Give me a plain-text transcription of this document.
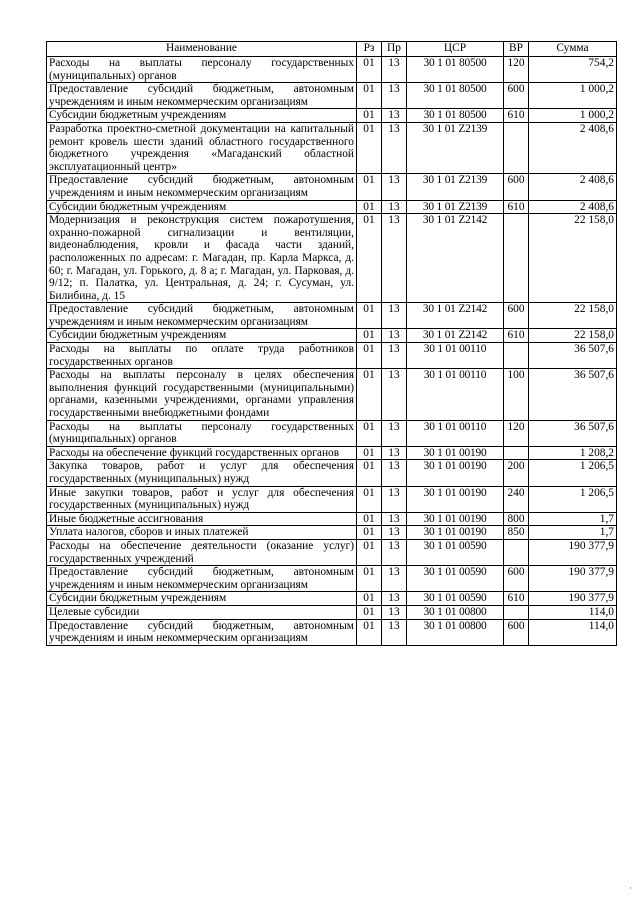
Наименование	Рз	Пр	ЦСР	ВР	Сумма
Расходы на выплаты персоналу государственных (муниципальных) органов	01	13	30 1 01 80500	120	754,2
Предоставление субсидий бюджетным, автономным учреждениям и иным некоммерческим организациям	01	13	30 1 01 80500	600	1 000,2
Субсидии бюджетным учреждениям	01	13	30 1 01 80500	610	1 000,2
Разработка проектно-сметной документации на капитальный ремонт кровель шести зданий областного государственного бюджетного учреждения «Магаданский областной эксплуатационный центр»	01	13	30 1 01 Z2139		2 408,6
Предоставление субсидий бюджетным, автономным учреждениям и иным некоммерческим организациям	01	13	30 1 01 Z2139	600	2 408,6
Субсидии бюджетным учреждениям	01	13	30 1 01 Z2139	610	2 408,6
Модернизация и реконструкция систем пожаротушения, охранно-пожарной сигнализации и вентиляции, видеонаблюдения, кровли и фасада части зданий, расположенных по адресам: г. Магадан, пр. Карла Маркса, д. 60; г. Магадан, ул. Горького, д. 8 а; г. Магадан, ул. Парковая, д. 9/12; п. Палатка, ул. Центральная, д. 24; г. Сусуман, ул. Билибина, д. 15	01	13	30 1 01 Z2142		22 158,0
Предоставление субсидий бюджетным, автономным учреждениям и иным некоммерческим организациям	01	13	30 1 01 Z2142	600	22 158,0
Субсидии бюджетным учреждениям	01	13	30 1 01 Z2142	610	22 158,0
Расходы на выплаты по оплате труда работников государственных органов	01	13	30 1 01 00110		36 507,6
Расходы на выплаты персоналу в целях обеспечения выполнения функций государственными (муниципальными) органами, казенными учреждениями, органами управления государственными внебюджетными фондами	01	13	30 1 01 00110	100	36 507,6
Расходы на выплаты персоналу государственных (муниципальных) органов	01	13	30 1 01 00110	120	36 507,6
Расходы на обеспечение функций государственных органов	01	13	30 1 01 00190		1 208,2
Закупка товаров, работ и услуг для обеспечения государственных (муниципальных) нужд	01	13	30 1 01 00190	200	1 206,5
Иные закупки товаров, работ и услуг для обеспечения государственных (муниципальных) нужд	01	13	30 1 01 00190	240	1 206,5
Иные бюджетные ассигнования	01	13	30 1 01 00190	800	1,7
Уплата налогов, сборов и иных платежей	01	13	30 1 01 00190	850	1,7
Расходы на обеспечение деятельности (оказание услуг) государственных учреждений	01	13	30 1 01 00590		190 377,9
Предоставление субсидий бюджетным, автономным учреждениям и иным некоммерческим организациям	01	13	30 1 01 00590	600	190 377,9
Субсидии бюджетным учреждениям	01	13	30 1 01 00590	610	190 377,9
Целевые субсидии	01	13	30 1 01 00800		114,0
Предоставление субсидий бюджетным, автономным учреждениям и иным некоммерческим организациям	01	13	30 1 01 00800	600	114,0
·
